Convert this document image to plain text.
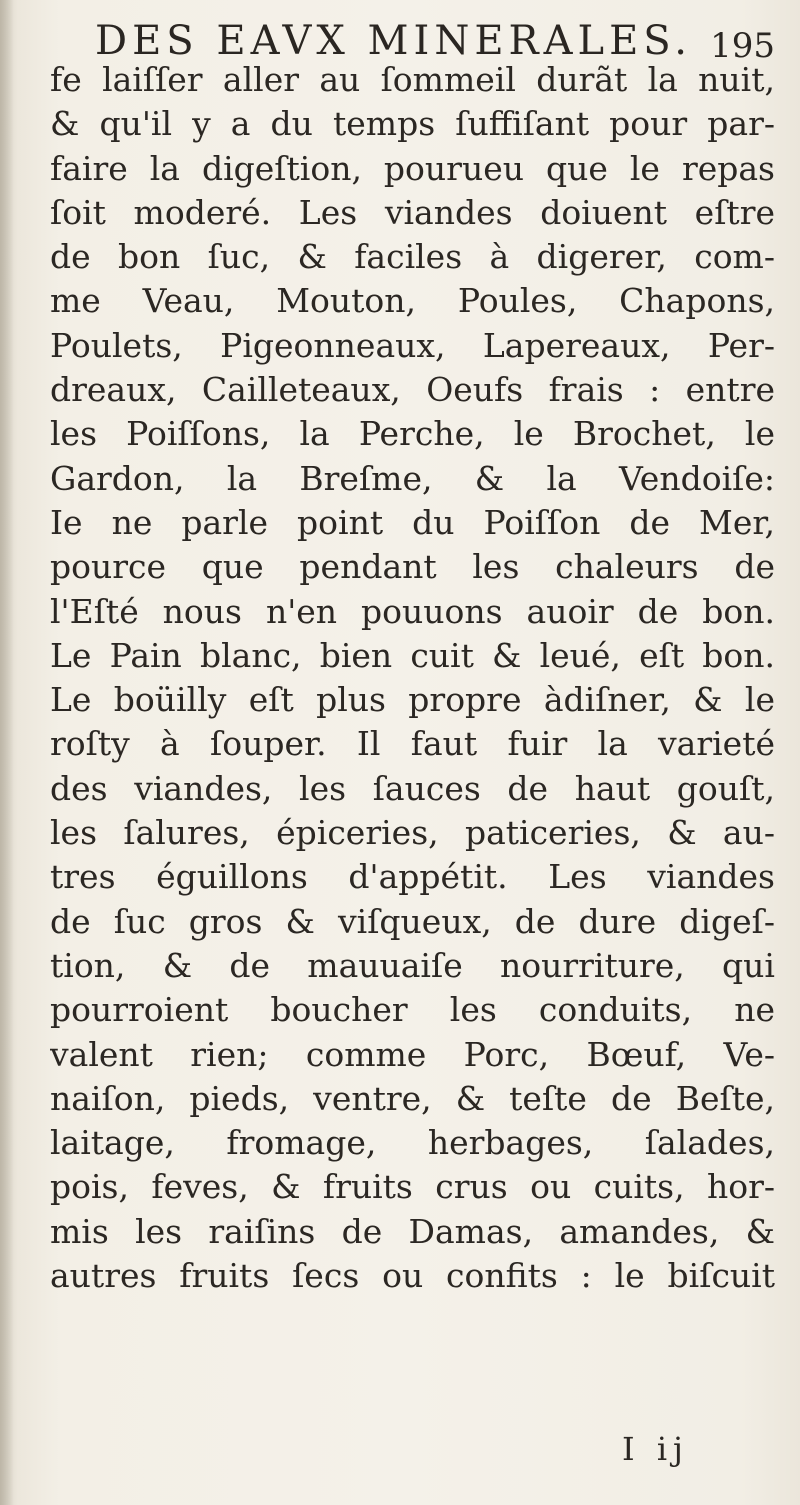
DES EAVX MINERALES. 195
fe laiſſer aller au ſommeil durãt la nuit,
& qu'il y a du temps ſuffiſant pour par-
faire la digeſtion, pourueu que le repas
ſoit moderé. Les viandes doiuent eſtre
de bon ſuc, & faciles à digerer, com-
me Veau, Mouton, Poules, Chapons,
Poulets, Pigeonneaux, Lapereaux, Per-
dreaux, Cailleteaux, Oeufs frais : entre
les Poiſſons, la Perche, le Brochet, le
Gardon, la Breſme, & la Vendoiſe:
Ie ne parle point du Poiſſon de Mer,
pource que pendant les chaleurs de
l'Eſté nous n'en pouuons auoir de bon.
Le Pain blanc, bien cuit & leué, eſt bon.
Le boüilly eſt plus propre àdiſner, & le
roſty à ſouper. Il faut fuir la varieté
des viandes, les ſauces de haut gouſt,
les ſalures, épiceries, paticeries, & au-
tres éguillons d'appétit. Les viandes
de ſuc gros & viſqueux, de dure digeſ-
tion, & de mauuaiſe nourriture, qui
pourroient boucher les conduits, ne
valent rien; comme Porc, Bœuf, Ve-
naiſon, pieds, ventre, & teſte de Beſte,
laitage, fromage, herbages, ſalades,
pois, feves, & fruits crus ou cuits, hor-
mis les raiſins de Damas, amandes, &
autres fruits ſecs ou confits : le biſcuit
I ij
